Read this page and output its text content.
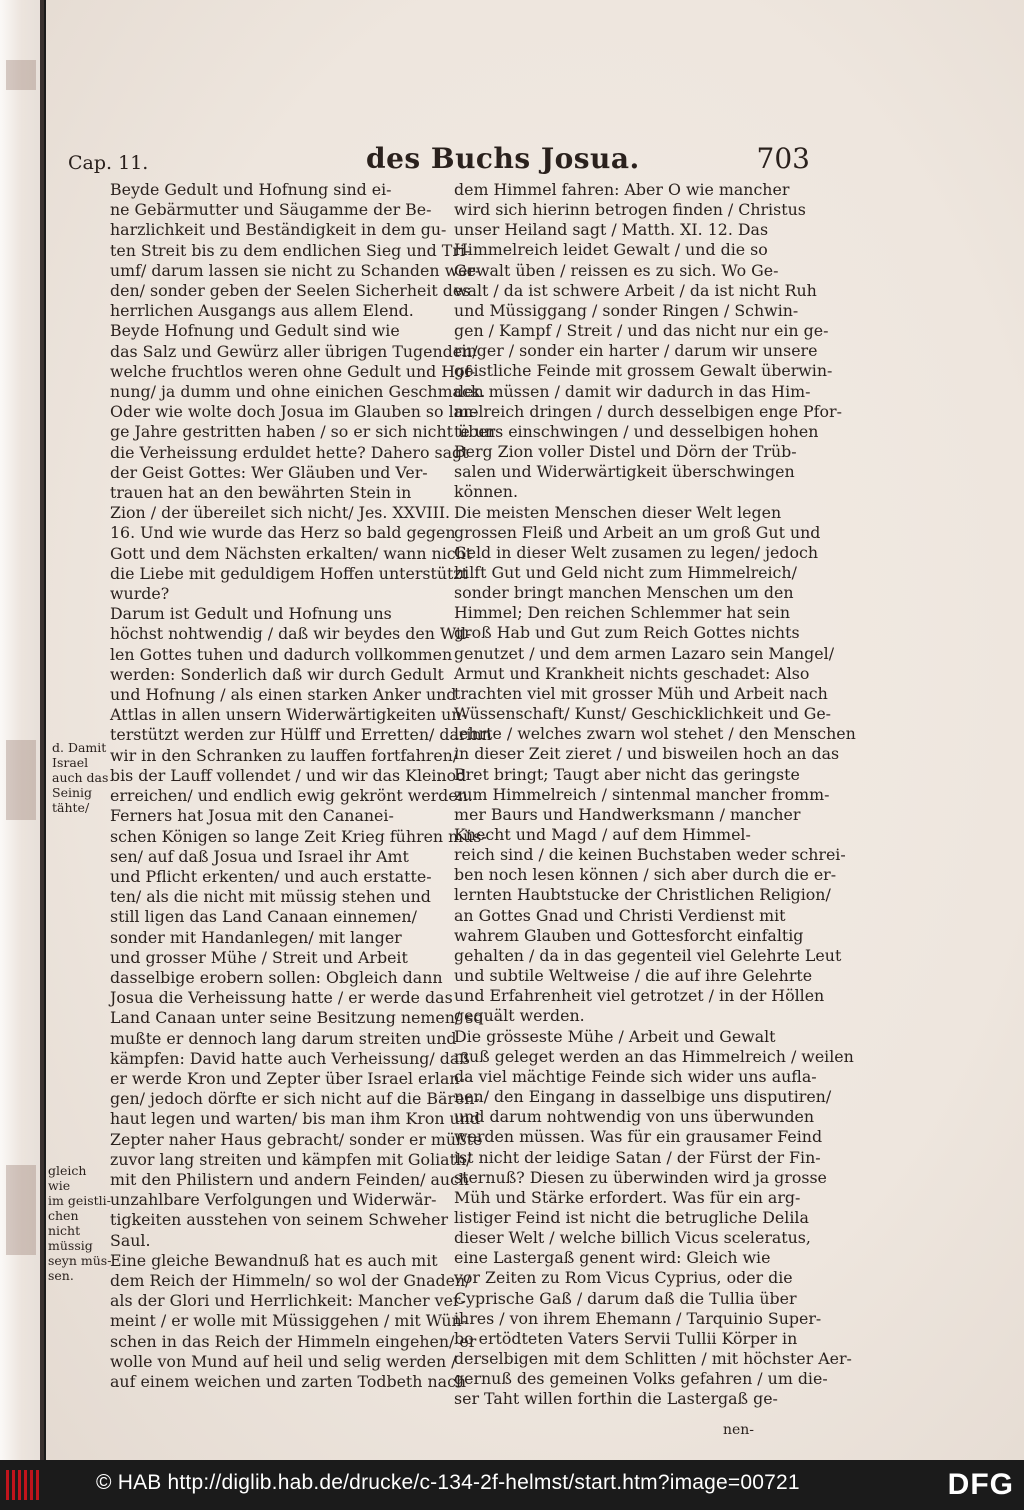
Cap. 11.	des Buchs Josua.	703
d. Damit
Israel
auch das
Seinig
tähte/
gleich wie
im geistli-
chen nicht
müssig
seyn müs-
sen.
Beyde Gedult und Hofnung sind ei-
ne Gebärmutter und Säugamme der Be-
harzlichkeit und Beständigkeit in dem gu-
ten Streit bis zu dem endlichen Sieg und Tri-
umf/ darum lassen sie nicht zu Schanden wer-
den/ sonder geben der Seelen Sicherheit des
herrlichen Ausgangs aus allem Elend.
Beyde Hofnung und Gedult sind wie
das Salz und Gewürz aller übrigen Tugenden/
welche fruchtlos weren ohne Gedult und Hof-
nung/ ja dumm und ohne einichen Geschmack.
Oder wie wolte doch Josua im Glauben so lan-
ge Jahre gestritten haben / so er sich nicht über
die Verheissung erduldet hette? Dahero sagt
der Geist Gottes: Wer Gläuben und Ver-
trauen hat an den bewährten Stein in
Zion / der übereilet sich nicht/ Jes. XXVIII.
16. Und wie wurde das Herz so bald gegen
Gott und dem Nächsten erkalten/ wann nicht
die Liebe mit geduldigem Hoffen unterstützt
wurde?
Darum ist Gedult und Hofnung uns
höchst nohtwendig / daß wir beydes den Wil-
len Gottes tuhen und dadurch vollkommen
werden: Sonderlich daß wir durch Gedult
und Hofnung / als einen starken Anker und
Attlas in allen unsern Widerwärtigkeiten un-
terstützt werden zur Hülff und Erretten/ darinn
wir in den Schranken zu lauffen fortfahren/
bis der Lauff vollendet / und wir das Kleinod
erreichen/ und endlich ewig gekrönt werden.
Ferners hat Josua mit den Cananei-
schen Königen so lange Zeit Krieg führen müs-
sen/ auf daß Josua und Israel ihr Amt
und Pflicht erkenten/ und auch erstatte-
ten/ als die nicht mit müssig stehen und
still ligen das Land Canaan einnemen/
sonder mit Handanlegen/ mit langer
und grosser Mühe / Streit und Arbeit
dasselbige erobern sollen: Obgleich dann
Josua die Verheissung hatte / er werde das
Land Canaan unter seine Besitzung nemen/ so
mußte er dennoch lang darum streiten und
kämpfen: David hatte auch Verheissung/ daß
er werde Kron und Zepter über Israel erlan-
gen/ jedoch dörfte er sich nicht auf die Bären-
haut legen und warten/ bis man ihm Kron und
Zepter naher Haus gebracht/ sonder er müßte
zuvor lang streiten und kämpfen mit Goliath/
mit den Philistern und andern Feinden/ auch
unzahlbare Verfolgungen und Widerwär-
tigkeiten ausstehen von seinem Schweher
Saul.
Eine gleiche Bewandnuß hat es auch mit
dem Reich der Himmeln/ so wol der Gnaden/
als der Glori und Herrlichkeit: Mancher ver-
meint / er wolle mit Müssiggehen / mit Wün-
schen in das Reich der Himmeln eingehen/ er
wolle von Mund auf heil und selig werden /
auf einem weichen und zarten Todbeth nach
dem Himmel fahren: Aber O wie mancher
wird sich hierinn betrogen finden / Christus
unser Heiland sagt / Matth. XI. 12. Das
Himmelreich leidet Gewalt / und die so
Gewalt üben / reissen es zu sich. Wo Ge-
walt / da ist schwere Arbeit / da ist nicht Ruh
und Müssiggang / sonder Ringen / Schwin-
gen / Kampf / Streit / und das nicht nur ein ge-
ringer / sonder ein harter / darum wir unsere
geistliche Feinde mit grossem Gewalt überwin-
den müssen / damit wir dadurch in das Him-
melreich dringen / durch desselbigen enge Pfor-
te uns einschwingen / und desselbigen hohen
Berg Zion voller Distel und Dörn der Trüb-
salen und Widerwärtigkeit überschwingen
können.
Die meisten Menschen dieser Welt legen
grossen Fleiß und Arbeit an um groß Gut und
Geld in dieser Welt zusamen zu legen/ jedoch
hilft Gut und Geld nicht zum Himmelreich/
sonder bringt manchen Menschen um den
Himmel; Den reichen Schlemmer hat sein
groß Hab und Gut zum Reich Gottes nichts
genutzet / und dem armen Lazaro sein Mangel/
Armut und Krankheit nichts geschadet: Also
trachten viel mit grosser Müh und Arbeit nach
Wüssenschaft/ Kunst/ Geschicklichkeit und Ge-
lehrte / welches zwarn wol stehet / den Menschen
in dieser Zeit zieret / und bisweilen hoch an das
Bret bringt; Taugt aber nicht das geringste
zum Himmelreich / sintenmal mancher fromm-
mer Baurs und Handwerksmann / mancher
Knecht und Magd / auf dem Himmel-
reich sind / die keinen Buchstaben weder schrei-
ben noch lesen können / sich aber durch die er-
lernten Haubtstucke der Christlichen Religion/
an Gottes Gnad und Christi Verdienst mit
wahrem Glauben und Gottesforcht einfaltig
gehalten / da in das gegenteil viel Gelehrte Leut
und subtile Weltweise / die auf ihre Gelehrte
und Erfahrenheit viel getrotzet / in der Höllen
gequält werden.
Die grösseste Mühe / Arbeit und Gewalt
muß geleget werden an das Himmelreich / weilen
da viel mächtige Feinde sich wider uns aufla-
nen/ den Eingang in dasselbige uns disputiren/
und darum nohtwendig von uns überwunden
werden müssen. Was für ein grausamer Feind
ist nicht der leidige Satan / der Fürst der Fin-
sternuß? Diesen zu überwinden wird ja grosse
Müh und Stärke erfordert. Was für ein arg-
listiger Feind ist nicht die betrugliche Delila
dieser Welt / welche billich Vicus sceleratus,
eine Lastergaß genent wird: Gleich wie
vor Zeiten zu Rom Vicus Cyprius, oder die
Cyprische Gaß / darum daß die Tullia über
ihres / von ihrem Ehemann / Tarquinio Super-
bo ertödteten Vaters Servii Tullii Körper in
derselbigen mit dem Schlitten / mit höchster Aer-
gernuß des gemeinen Volks gefahren / um die-
ser Taht willen forthin die Lastergaß ge-
nen-
© HAB http://diglib.hab.de/drucke/c-134-2f-helmst/start.htm?image=00721	DFG
